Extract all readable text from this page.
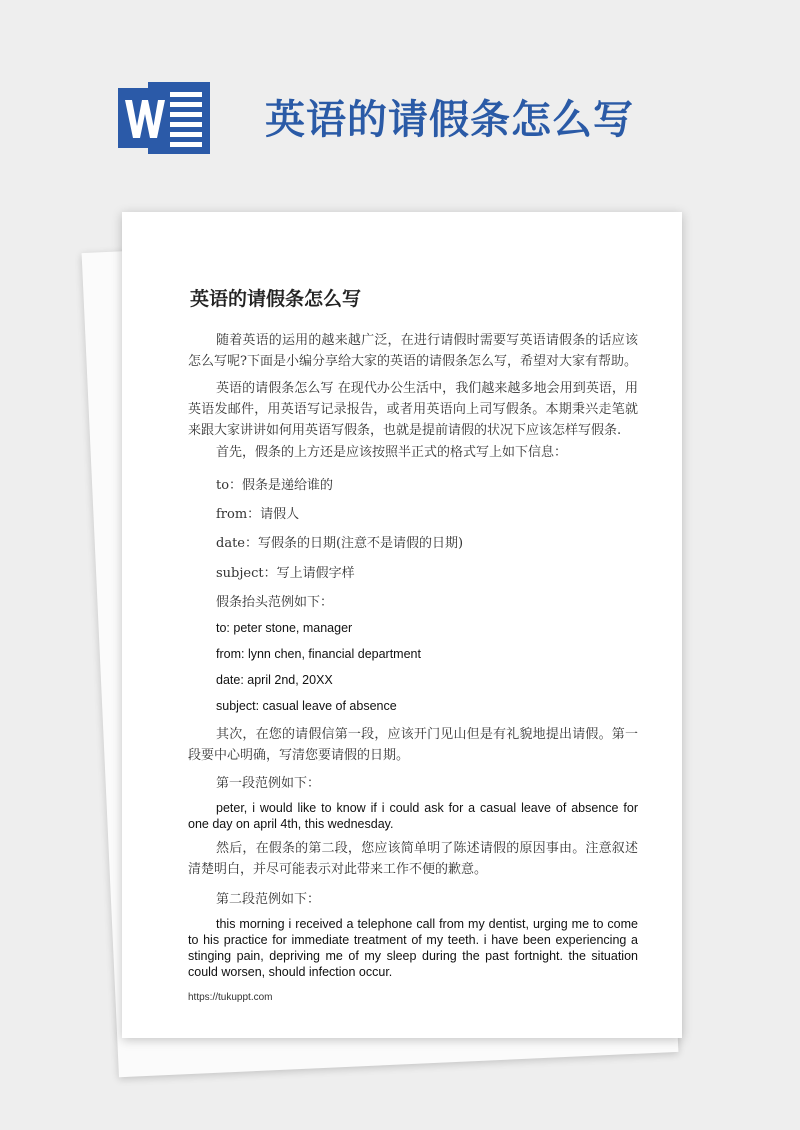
英语的请假条怎么写
英语的请假条怎么写
随着英语的运用的越来越广泛，在进行请假时需要写英语请假条的话应该怎么写呢?下面是小编分享给大家的英语的请假条怎么写，希望对大家有帮助。
英语的请假条怎么写 在现代办公生活中，我们越来越多地会用到英语，用英语发邮件，用英语写记录报告，或者用英语向上司写假条。本期秉兴走笔就来跟大家讲讲如何用英语写假条，也就是提前请假的状况下应该怎样写假条.
首先，假条的上方还是应该按照半正式的格式写上如下信息：
to：假条是递给谁的
from：请假人
date：写假条的日期(注意不是请假的日期)
subject：写上请假字样
假条抬头范例如下：
to: peter stone, manager
from: lynn chen, financial department
date: april 2nd, 20XX
subject: casual leave of absence
其次，在您的请假信第一段，应该开门见山但是有礼貌地提出请假。第一段要中心明确，写清您要请假的日期。
第一段范例如下：
peter, i would like to know if i could ask for a casual leave of absence for one day on april 4th, this wednesday.
然后，在假条的第二段，您应该简单明了陈述请假的原因事由。注意叙述清楚明白，并尽可能表示对此带来工作不便的歉意。
第二段范例如下：
this morning i received a telephone call from my dentist, urging me to come to his practice for immediate treatment of my teeth. i have been experiencing a stinging pain, depriving me of my sleep during the past fortnight. the situation could worsen, should infection occur.
https://tukuppt.com
